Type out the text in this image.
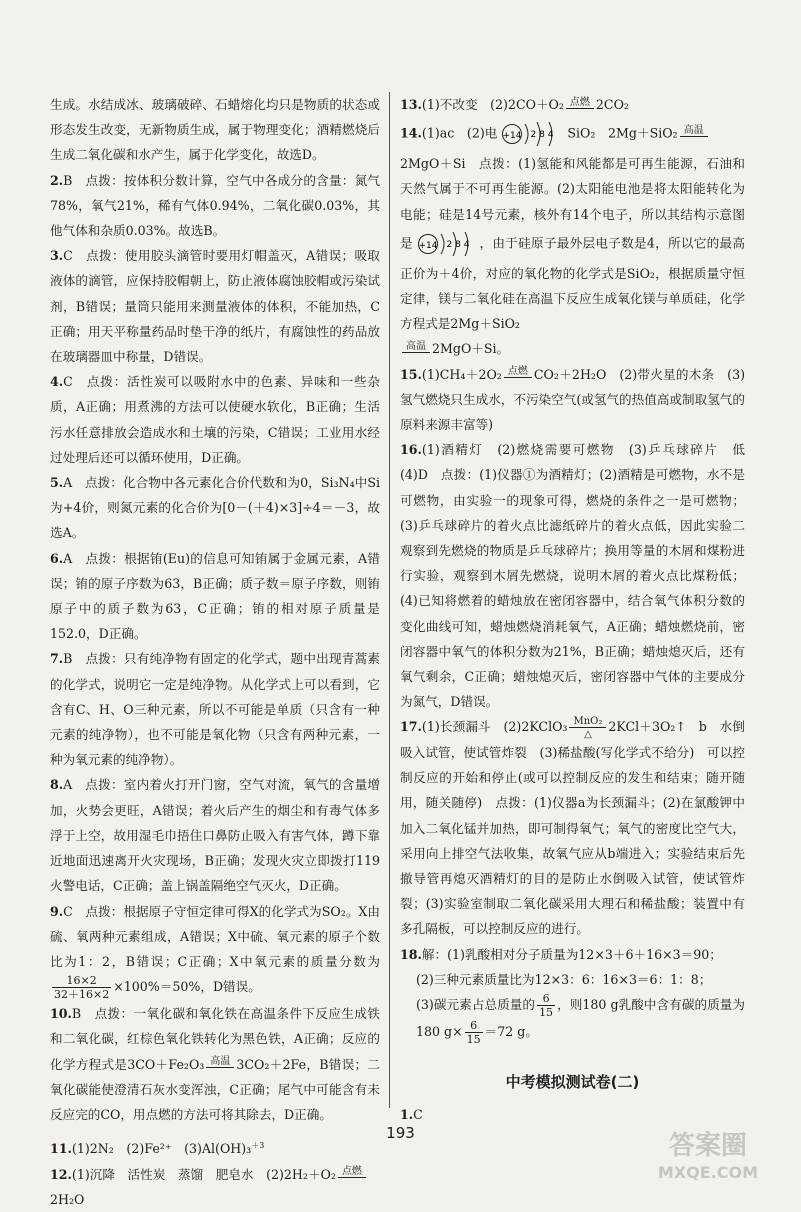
生成。水结成冰、玻璃破碎、石蜡熔化均只是物质的状态或形态发生改变，无新物质生成，属于物理变化；酒精燃烧后生成二氧化碳和水产生，属于化学变化，故选D。

2.B　点拨：按体积分数计算，空气中各成分的含量：氮气78%，氧气21%，稀有气体0.94%，二氧化碳0.03%，其他气体和杂质0.03%。故选B。

3.C　点拨：使用胶头滴管时要用灯帽盖灭，A错误；吸取液体的滴管，应保持胶帽朝上，防止液体腐蚀胶帽或污染试剂，B错误；量筒只能用来测量液体的体积，不能加热，C正确；用天平称量药品时垫干净的纸片，有腐蚀性的药品放在玻璃器皿中称量，D错误。

4.C　点拨：活性炭可以吸附水中的色素、异味和一些杂质，A正确；用煮沸的方法可以使硬水软化，B正确；生活污水任意排放会造成水和土壤的污染，C错误；工业用水经过处理后还可以循环使用，D正确。

5.A　点拨：化合物中各元素化合价代数和为0，Si₃N₄中Si为+4价，则氮元素的化合价为[0－(＋4)×3]÷4＝－3，故选A。

6.A　点拨：根据铕(Eu)的信息可知铕属于金属元素，A错误；铕的原子序数为63，B正确；质子数＝原子序数，则铕原子中的质子数为63，C正确；铕的相对原子质量是152.0，D正确。

7.B　点拨：只有纯净物有固定的化学式，题中出现青蒿素的化学式，说明它一定是纯净物。从化学式上可以看到，它含有C、H、O三种元素，所以不可能是单质（只含有一种元素的纯净物），也不可能是氧化物（只含有两种元素，一种为氧元素的纯净物）。

8.A　点拨：室内着火打开门窗，空气对流，氧气的含量增加，火势会更旺，A错误；着火后产生的烟尘和有毒气体多浮于上空，故用湿毛巾捂住口鼻防止吸入有害气体，蹲下靠近地面迅速离开火灾现场，B正确；发现火灾立即拨打119火警电话，C正确；盖上锅盖隔绝空气灭火，D正确。

9.C　点拨：根据原子守恒定律可得X的化学式为SO₂。X由硫、氧两种元素组成，A错误；X中硫、氧元素的原子个数比为1：2，B错误；C正确；X中氧元素的质量分数为
$\frac{16\times 2}{32+16\times 2} \times 100\%=50\%$，D错误。

10.B　点拨：一氧化碳和氧化铁在高温条件下反应生成铁和二氧化碳，红棕色氧化铁转化为黑色铁，A正确；反应的化学方程式是3CO＋Fe₂O₃ 高温 3CO₂＋2Fe，B错误；二氧化碳能使澄清石灰水变浑浊，C正确；尾气中可能含有未反应完的CO，用点燃的方法可将其除去，D正确。

11.(1)2N₂　(2)Fe²⁺　(3)Al(OH)₃$^{+3}$

12.(1)沉降　活性炭　蒸馏　肥皂水　(2)2H₂＋O₂ 点燃

2H₂O

13.(1)不改变　(2)2CO＋O₂ 点燃 2CO₂

14.(1)ac　(2)电 +14 2 8 4 SiO₂　2Mg＋SiO₂ 高温

2MgO＋Si　点拨：(1)氢能和风能都是可再生能源，石油和天然气属于不可再生能源。(2)太阳能电池是将太阳能转化为电能；硅是14号元素，核外有14个电子，所以其结构示意图是 +14 2 8 4 ，由于硅原子最外层电子数是4，所以它的最高正价为＋4价，对应的氧化物的化学式是SiO₂，根据质量守恒定律，镁与二氧化硅在高温下反应生成氧化镁与单质硅，化学方程式是2Mg＋SiO₂

高温 2MgO＋Si。

15.(1)CH₄＋2O₂ 点燃 CO₂＋2H₂O　(2)带火星的木条　(3)氢气燃烧只生成水，不污染空气(或氢气的热值高或制取氢气的原料来源丰富等)

16.(1)酒精灯　(2)燃烧需要可燃物　(3)乒乓球碎片　低　(4)D　点拨：(1)仪器①为酒精灯；(2)酒精是可燃物，水不是可燃物，由实验一的现象可得，燃烧的条件之一是可燃物；(3)乒乓球碎片的着火点比滤纸碎片的着火点低，因此实验二观察到先燃烧的物质是乒乓球碎片；换用等量的木屑和煤粉进行实验，观察到木屑先燃烧，说明木屑的着火点比煤粉低；(4)已知将燃着的蜡烛放在密闭容器中，结合氧气体积分数的变化曲线可知，蜡烛燃烧消耗氧气，A正确；蜡烛燃烧前，密闭容器中氧气的体积分数为21%，B正确；蜡烛熄灭后，还有氧气剩余，C正确；蜡烛熄灭后，密闭容器中气体的主要成分为氮气，D错误。

17.(1)长颈漏斗　(2)2KClO₃ MnO₂
△	2KCl＋3O₂↑　b　水倒吸入试管，使试管炸裂　(3)稀盐酸(写化学式不给分)　可以控制反应的开始和停止(或可以控制反应的发生和结束；随开随用，随关随停)　点拨：(1)仪器a为长颈漏斗；(2)在氯酸钾中加入二氧化锰并加热，即可制得氧气；氧气的密度比空气大，采用向上排空气法收集，故氧气应从b端进入；实验结束后先撤导管再熄灭酒精灯的目的是防止水倒吸入试管，使试管炸裂；(3)实验室制取二氧化碳采用大理石和稀盐酸；装置中有多孔隔板，可以控制反应的进行。

18.解：(1)乳酸相对分子质量为12×3＋6＋16×3＝90；

(2)三种元素质量比为12×3：6：16×3＝6：1：8；

(3)碳元素占总质量的 $\frac{6}{15}$ ，则180 g乳酸中含有碳的质量为180 $g\times \frac{6}{15} =72$ g。

中考模拟测试卷(二)

1.C

193	答案圈
MXQE.COM
